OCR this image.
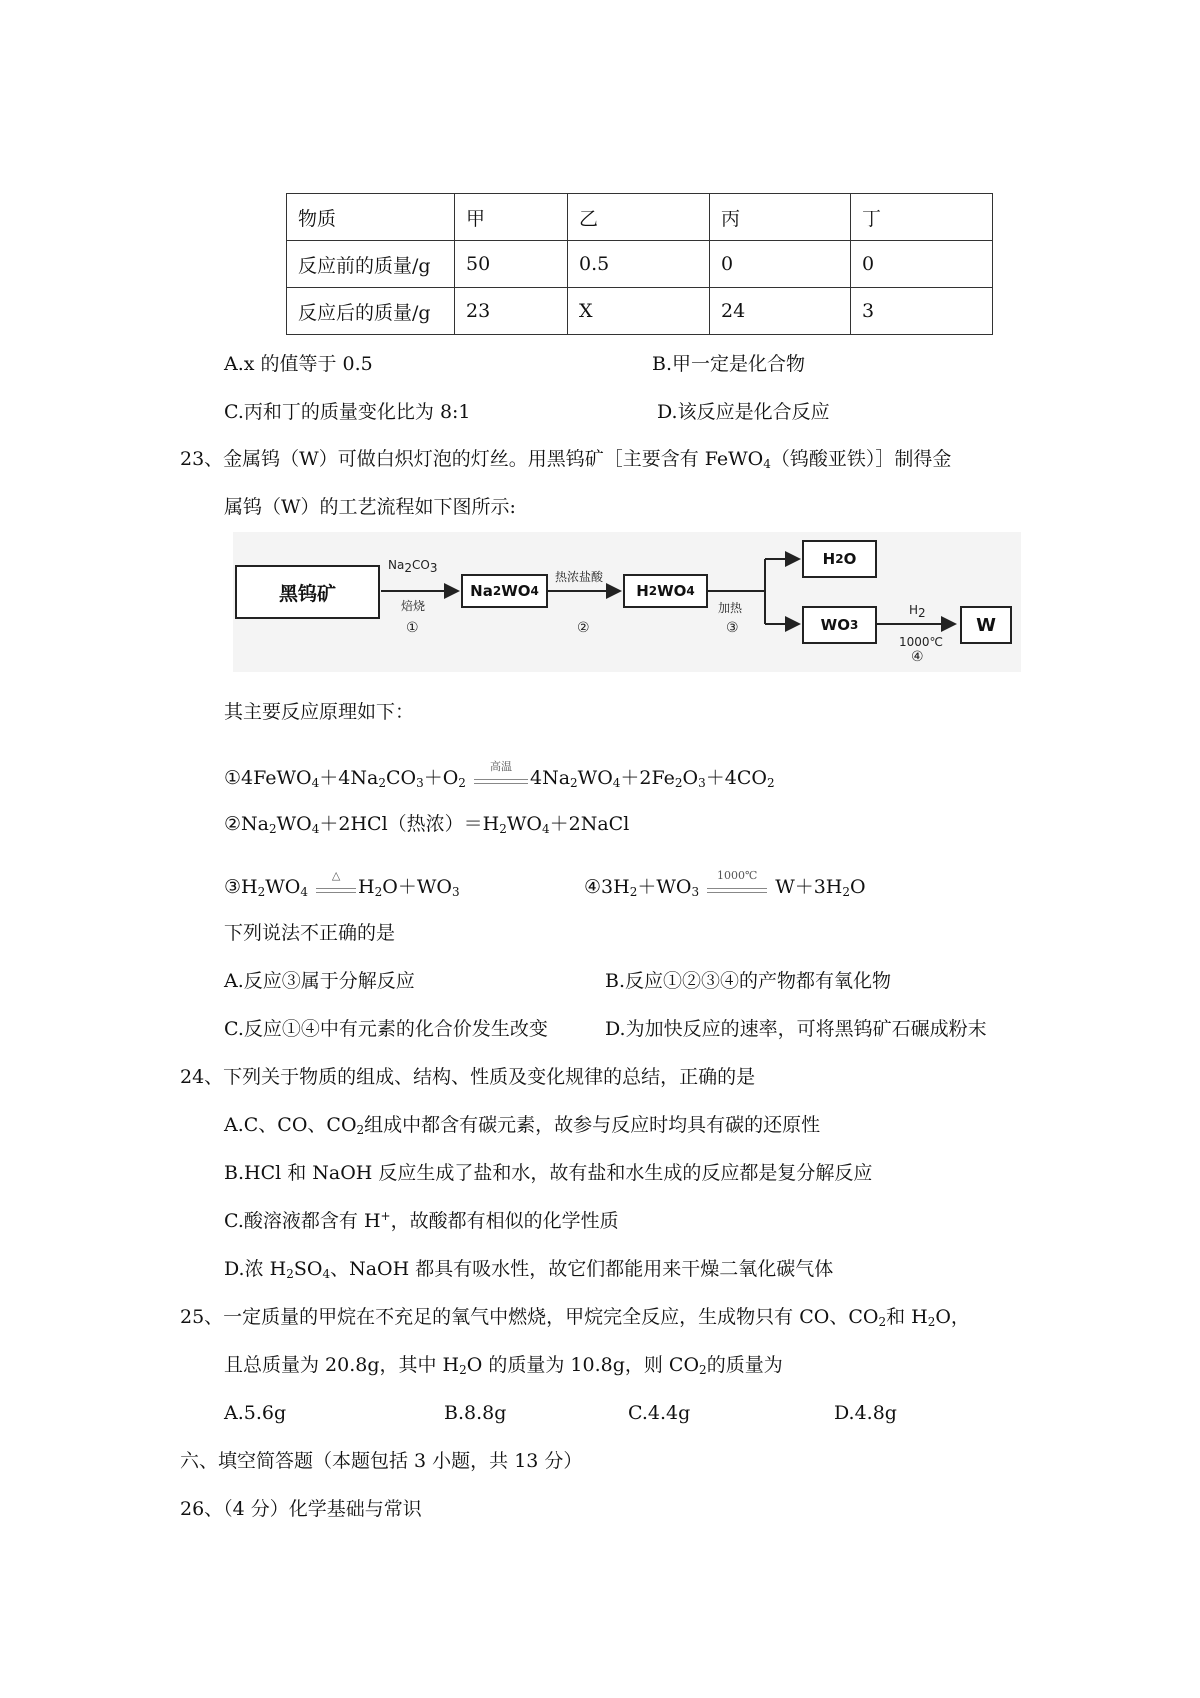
物质	甲	乙	丙	丁
反应前的质量/g	50	0.5	0	0
反应后的质量/g	23	X	24	3
A.x 的值等于 0.5	B.甲一定是化合物
C.丙和丁的质量变化比为 8:1	D.该反应是化合反应
23、金属钨（W）可做白炽灯泡的灯丝。用黑钨矿［主要含有 FeWO$_4$（钨酸亚铁）］制得金
属钨（W）的工艺流程如下图所示:
黑钨矿
$Na_2CO_3$
焙烧
①
Na 2 WO 4
热浓盐酸
②
H 2 WO 4
加热
③
H 2 O
WO 3
$H_2$
1000℃
④
W
其主要反应原理如下：
$①4FeWO_4+4Na_2CO_3+O_2$
高温
$4Na_2WO_4+2Fe_2O_3+4CO_2$
$②Na_2WO_4+2HCl$（热浓）$=H_2WO_4+2NaCl$
$③H_2WO_4$
△
$H_2O+WO_3$	$④3H_2+WO_3$
1000℃
$W+3H_2O$
下列说法不正确的是
A.反应③属于分解反应	B.反应①②③④的产物都有氧化物
C.反应①④中有元素的化合价发生改变	D.为加快反应的速率，可将黑钨矿石碾成粉末
24、下列关于物质的组成、结构、性质及变化规律的总结，正确的是
A.C、CO、$CO_2$组成中都含有碳元素，故参与反应时均具有碳的还原性
B.HCl 和 NaOH 反应生成了盐和水，故有盐和水生成的反应都是复分解反应
C.酸溶液都含有 H+，故酸都有相似的化学性质
D.浓 $H_2SO_4$、NaOH 都具有吸水性，故它们都能用来干燥二氧化碳气体
25、一定质量的甲烷在不充足的氧气中燃烧，甲烷完全反应，生成物只有 CO、$CO_2$和 $H_2O$，
且总质量为 20.8g，其中 $H_2O$ 的质量为 10.8g，则 $CO_2$的质量为
A.5.6g	B.8.8g	C.4.4g	D.4.8g
六、填空简答题（本题包括 3 小题，共 13 分）
26、（4 分）化学基础与常识
